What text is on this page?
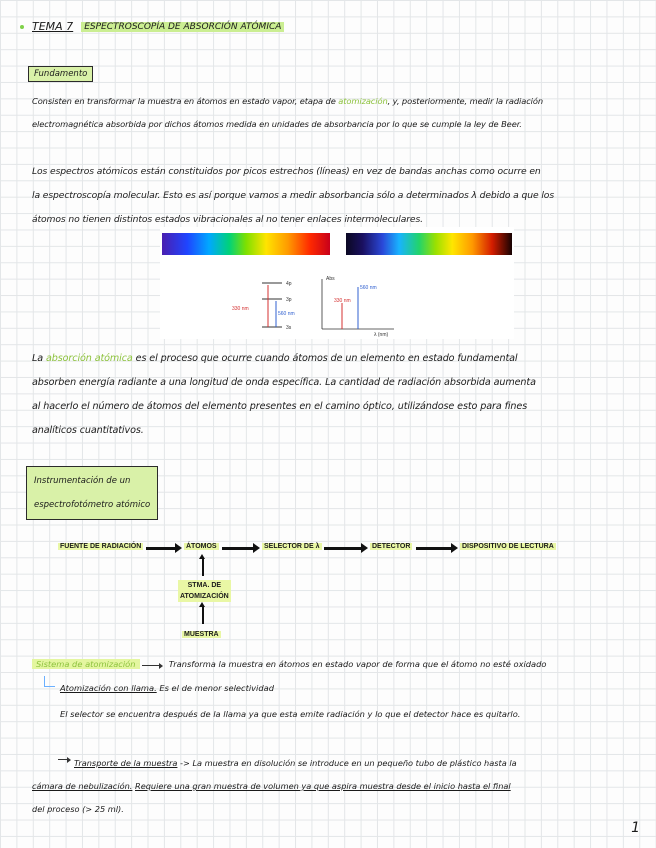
TEMA 7	ESPECTROSCOPÍA DE ABSORCIÓN ATÓMICA
Fundamento
Consisten en transformar la muestra en átomos en estado vapor, etapa de atomización, y, posteriormente, medir la radiación
electromagnética absorbida por dichos átomos medida en unidades de absorbancia por lo que se cumple la ley de Beer.
Los espectros atómicos están constituidos por picos estrechos (líneas) en vez de bandas anchas como ocurre en
la espectroscopía molecular. Esto es así porque vamos a medir absorbancia sólo a determinados λ debido a que los
átomos no tienen distintos estados vibracionales al no tener enlaces intermoleculares.
4p
3p
3s
330 nm
560 nm
Abs
560 nm
330 nm
λ (nm)
La absorción atómica es el proceso que ocurre cuando átomos de un elemento en estado fundamental
absorben energía radiante a una longitud de onda específica. La cantidad de radiación absorbida aumenta
al hacerlo el número de átomos del elemento presentes en el camino óptico, utilizándose esto para fines
analíticos cuantitativos.
Instrumentación de un
espectrofotómetro atómico
FUENTE DE RADIACIÓN	ÁTOMOS	SELECTOR DE λ	DETECTOR	DISPOSITIVO DE LECTURA
STMA. DE
ATOMIZACIÓN
MUESTRA
Sistema de atomización	Transforma la muestra en átomos en estado vapor de forma que el átomo no esté oxidado
Atomización con llama. Es el de menor selectividad
El selector se encuentra después de la llama ya que esta emite radiación y lo que el detector hace es quitarlo.
Transporte de la muestra -> La muestra en disolución se introduce en un pequeño tubo de plástico hasta la
cámara de nebulización. Requiere una gran muestra de volumen ya que aspira muestra desde el inicio hasta el final
del proceso (> 25 ml).
1
